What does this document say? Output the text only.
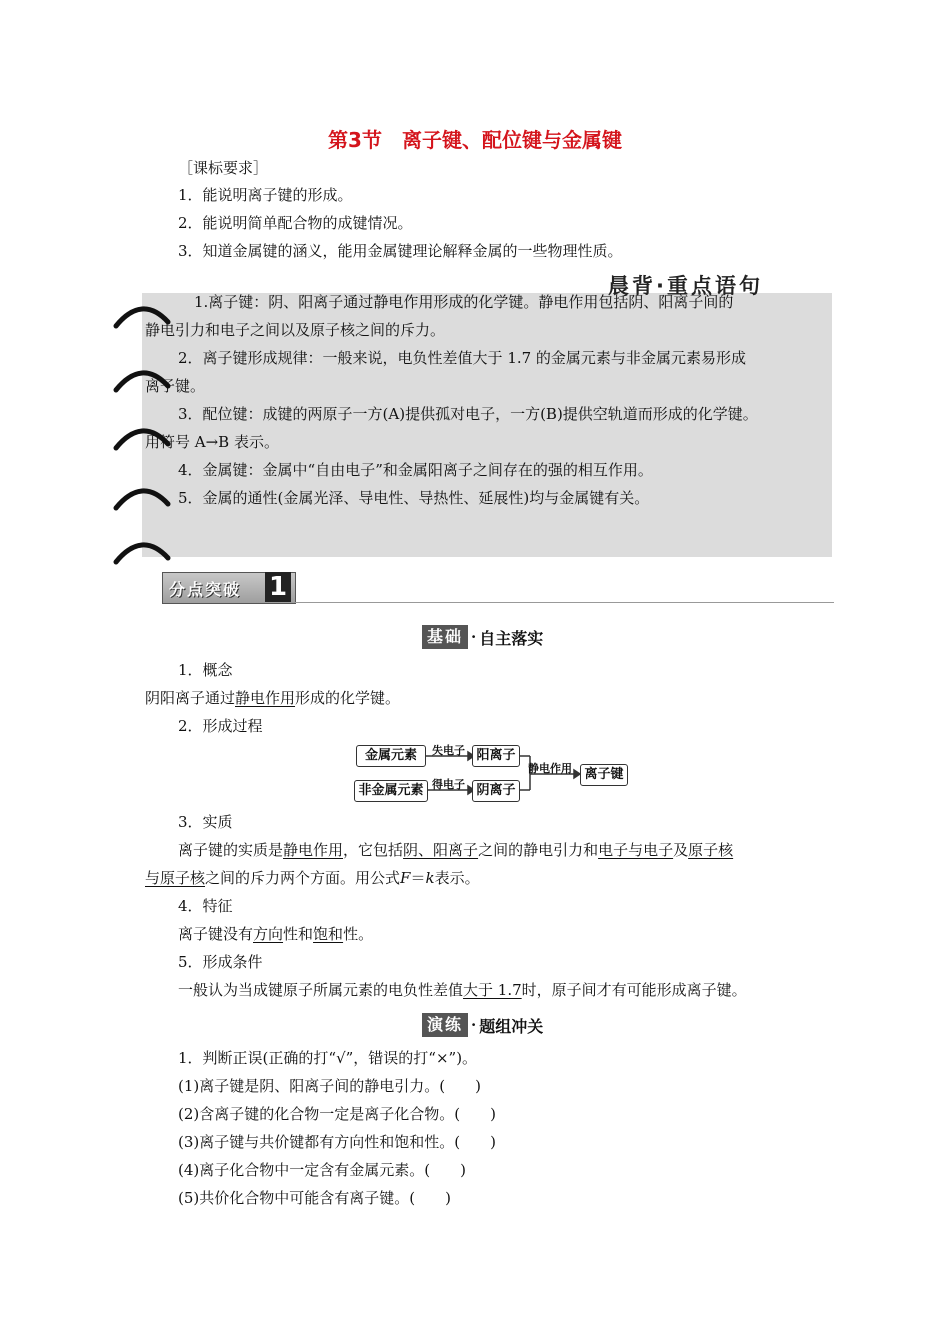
第3节　离子键、配位键与金属键
［课标要求］
1．能说明离子键的形成。
2．能说明简单配合物的成键情况。
3．知道金属键的涵义，能用金属键理论解释金属的一些物理性质。
晨背·重点语句
1.离子键：阴、阳离子通过静电作用形成的化学键。静电作用包括阴、阳离子间的
静电引力和电子之间以及原子核之间的斥力。
2．离子键形成规律：一般来说，电负性差值大于 1.7 的金属元素与非金属元素易形成
离子键。
3．配位键：成键的两原子一方(A)提供孤对电子，一方(B)提供空轨道而形成的化学键。
用符号 A→B 表示。
4．金属键：金属中“自由电子”和金属阳离子之间存在的强的相互作用。
5．金属的通性(金属光泽、导电性、导热性、延展性)均与金属键有关。
分点突破 1
基础 · 自主落实
1．概念
阴阳离子通过静电作用形成的化学键。
2．形成过程
金属元素
非金属元素
失电子
得电子
阳离子
阴离子
静电作用 离子键
3．实质
离子键的实质是静电作用，它包括阴、阳离子之间的静电引力和电子与电子及原子核
与原子核之间的斥力两个方面。用公式F＝k表示。
4．特征
离子键没有方向性和饱和性。
5．形成条件
一般认为当成键原子所属元素的电负性差值大于 1.7时，原子间才有可能形成离子键。
演练 · 题组冲关
1．判断正误(正确的打“√”，错误的打“×”)。
(1)离子键是阴、阳离子间的静电引力。(　　)
(2)含离子键的化合物一定是离子化合物。(　　)
(3)离子键与共价键都有方向性和饱和性。(　　)
(4)离子化合物中一定含有金属元素。(　　)
(5)共价化合物中可能含有离子键。(　　)
